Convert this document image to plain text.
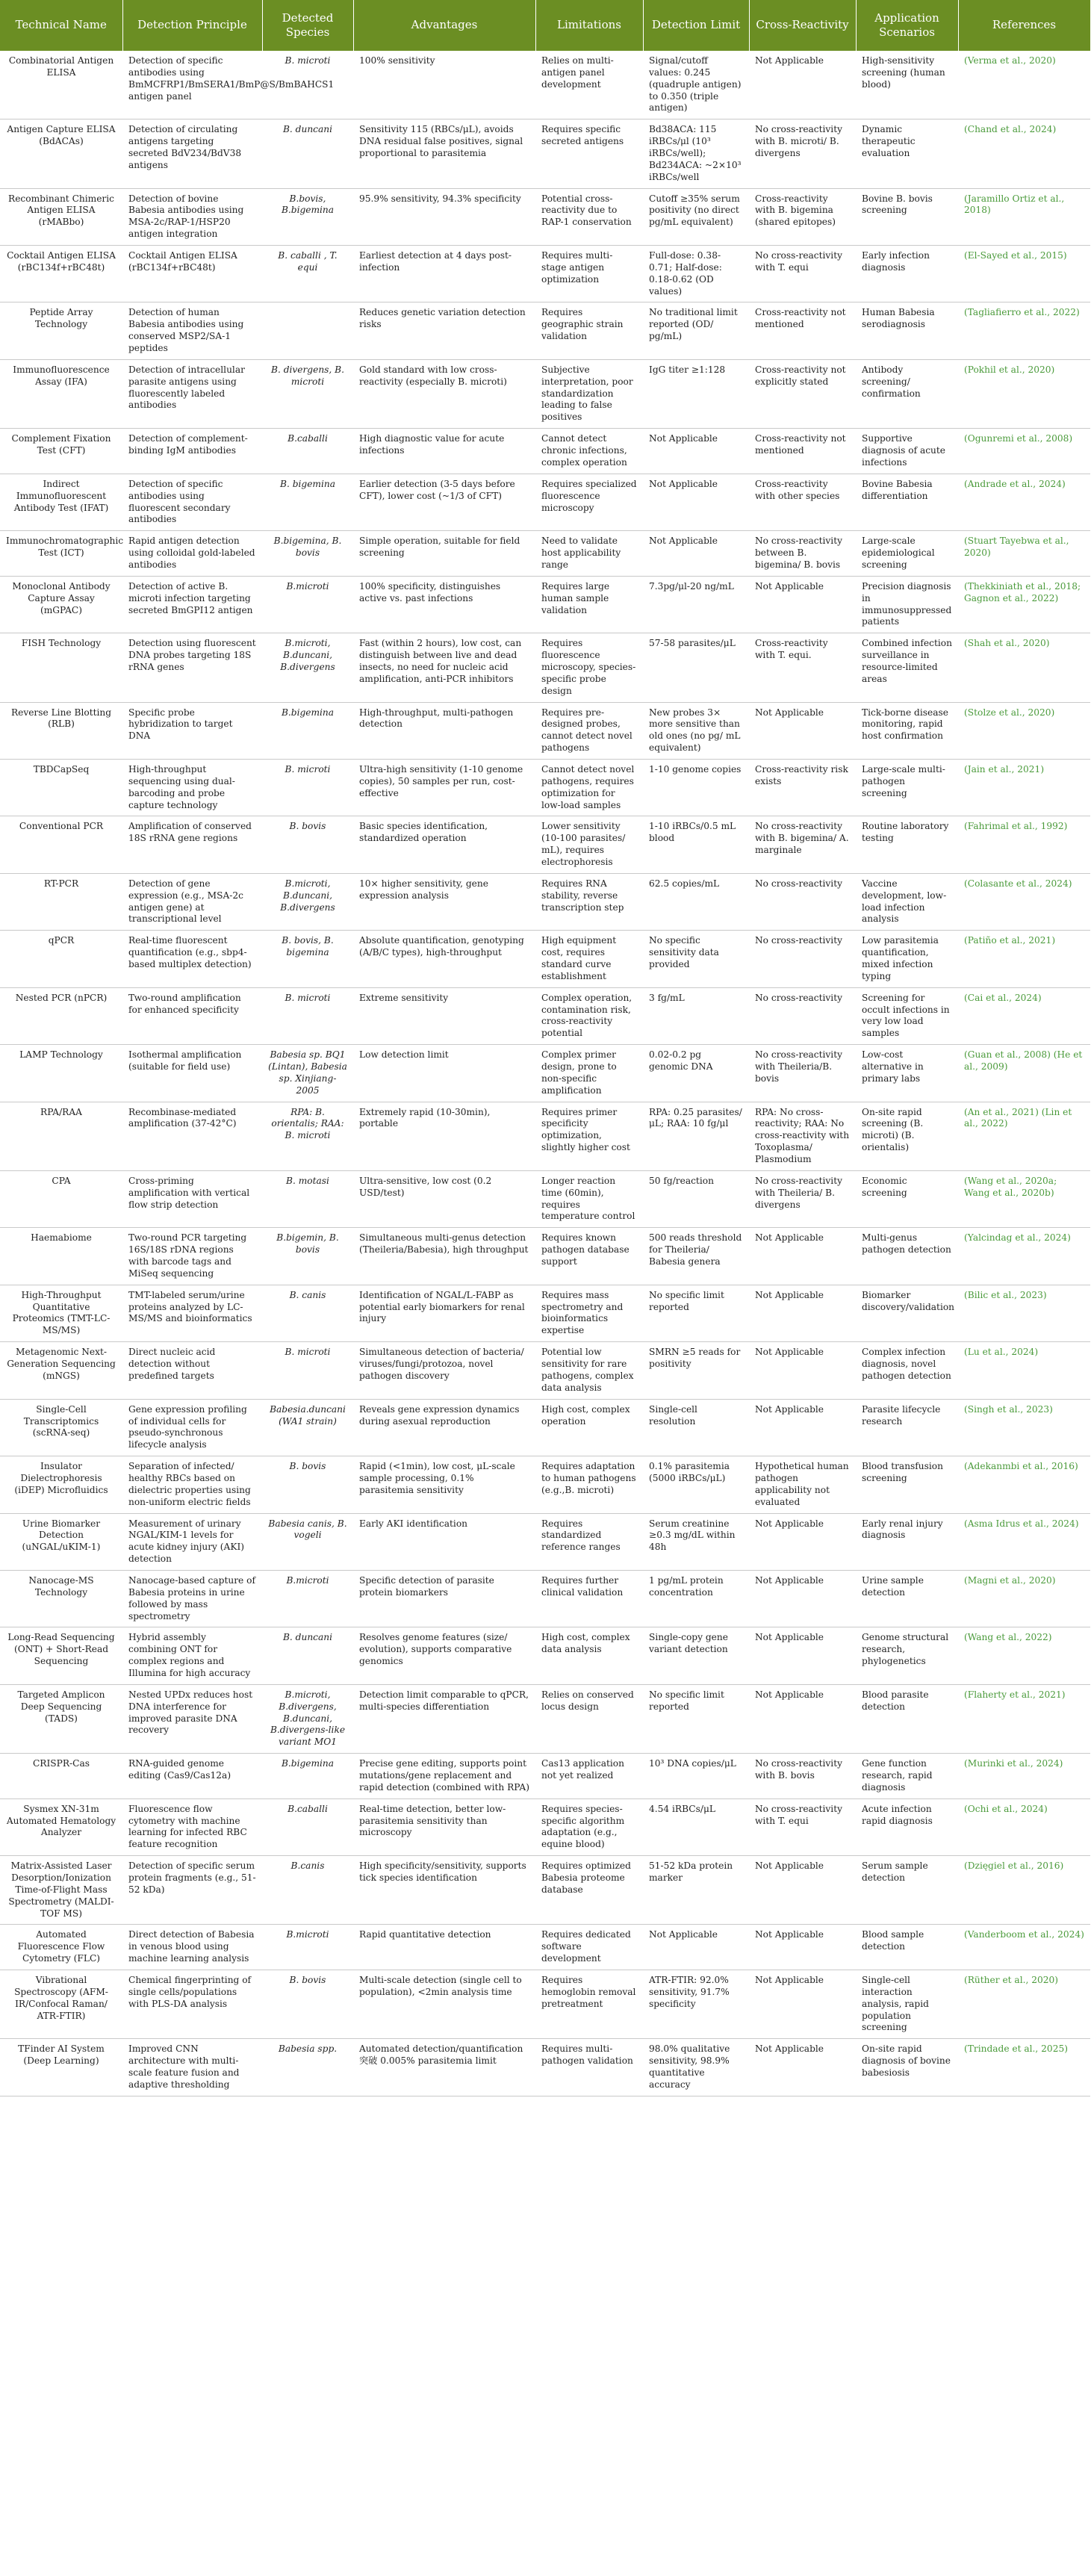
Technical Name	Detection Principle	Detected Species	Advantages	Limitations	Detection Limit	Cross-Reactivity	Application Scenarios	References
Combinatorial Antigen ELISA	Detection of specific antibodies using BmMCFRP1/BmSERA1/BmP@S/BmBAHCS1 antigen panel	B. microti	100% sensitivity	Relies on multi-antigen panel development	Signal/cutoff values: 0.245 (quadruple antigen) to 0.350 (triple antigen)	Not Applicable	High-sensitivity screening (human blood)	(Verma et al., 2020)
Antigen Capture ELISA (BdACAs)	Detection of circulating antigens targeting secreted BdV234/BdV38 antigens	B. duncani	Sensitivity 115 (RBCs/μL), avoids DNA residual false positives, signal proportional to parasitemia	Requires specific secreted antigens	Bd38ACA: 115 iRBCs/μl (10³ iRBCs/well); Bd234ACA: ~2×10³ iRBCs/well	No cross-reactivity with B. microti/ B. divergens	Dynamic therapeutic evaluation	(Chand et al., 2024)
Recombinant Chimeric Antigen ELISA (rMABbo)	Detection of bovine Babesia antibodies using MSA-2c/RAP-1/HSP20 antigen integration	B.bovis, B.bigemina	95.9% sensitivity, 94.3% specificity	Potential cross-reactivity due to RAP-1 conservation	Cutoff ≥35% serum positivity (no direct pg/mL equivalent)	Cross-reactivity with B. bigemina (shared epitopes)	Bovine B. bovis screening	(Jaramillo Ortiz et al., 2018)
Cocktail Antigen ELISA (rBC134f+rBC48t)	Cocktail Antigen ELISA (rBC134f+rBC48t)	B. caballi , T. equi	Earliest detection at 4 days post-infection	Requires multi-stage antigen optimization	Full-dose: 0.38-0.71; Half-dose: 0.18-0.62 (OD values)	No cross-reactivity with T. equi	Early infection diagnosis	(El-Sayed et al., 2015)
Peptide Array Technology	Detection of human Babesia antibodies using conserved MSP2/SA-1 peptides		Reduces genetic variation detection risks	Requires geographic strain validation	No traditional limit reported (OD/ pg/mL)	Cross-reactivity not mentioned	Human Babesia serodiagnosis	(Tagliafierro et al., 2022)
Immunofluorescence Assay (IFA)	Detection of intracellular parasite antigens using fluorescently labeled antibodies	B. divergens, B. microti	Gold standard with low cross-reactivity (especially B. microti)	Subjective interpretation, poor standardization leading to false positives	IgG titer ≥1:128	Cross-reactivity not explicitly stated	Antibody screening/ confirmation	(Pokhil et al., 2020)
Complement Fixation Test (CFT)	Detection of complement-binding IgM antibodies	B.caballi	High diagnostic value for acute infections	Cannot detect chronic infections, complex operation	Not Applicable	Cross-reactivity not mentioned	Supportive diagnosis of acute infections	(Ogunremi et al., 2008)
Indirect Immunofluorescent Antibody Test (IFAT)	Detection of specific antibodies using fluorescent secondary antibodies	B. bigemina	Earlier detection (3-5 days before CFT), lower cost (~1/3 of CFT)	Requires specialized fluorescence microscopy	Not Applicable	Cross-reactivity with other species	Bovine Babesia differentiation	(Andrade et al., 2024)
Immunochromatographic Test (ICT)	Rapid antigen detection using colloidal gold-labeled antibodies	B.bigemina, B. bovis	Simple operation, suitable for field screening	Need to validate host applicability range	Not Applicable	No cross-reactivity between B. bigemina/ B. bovis	Large-scale epidemiological screening	(Stuart Tayebwa et al., 2020)
Monoclonal Antibody Capture Assay (mGPAC)	Detection of active B. microti infection targeting secreted BmGPI12 antigen	B.microti	100% specificity, distinguishes active vs. past infections	Requires large human sample validation	7.3pg/μl-20 ng/mL	Not Applicable	Precision diagnosis in immunosuppressed patients	(Thekkiniath et al., 2018; Gagnon et al., 2022)
FISH Technology	Detection using fluorescent DNA probes targeting 18S rRNA genes	B.microti, B.duncani, B.divergens	Fast (within 2 hours), low cost, can distinguish between live and dead insects, no need for nucleic acid amplification, anti-PCR inhibitors	Requires fluorescence microscopy, species-specific probe design	57-58 parasites/μL	Cross-reactivity with T. equi.	Combined infection surveillance in resource-limited areas	(Shah et al., 2020)
Reverse Line Blotting (RLB)	Specific probe hybridization to target DNA	B.bigemina	High-throughput, multi-pathogen detection	Requires pre-designed probes, cannot detect novel pathogens	New probes 3× more sensitive than old ones (no pg/ mL equivalent)	Not Applicable	Tick-borne disease monitoring, rapid host confirmation	(Stolze et al., 2020)
TBDCapSeq	High-throughput sequencing using dual-barcoding and probe capture technology	B. microti	Ultra-high sensitivity (1-10 genome copies), 50 samples per run, cost-effective	Cannot detect novel pathogens, requires optimization for low-load samples	1-10 genome copies	Cross-reactivity risk exists	Large-scale multi-pathogen screening	(Jain et al., 2021)
Conventional PCR	Amplification of conserved 18S rRNA gene regions	B. bovis	Basic species identification, standardized operation	Lower sensitivity (10-100 parasites/ mL), requires electrophoresis	1-10 iRBCs/0.5 mL blood	No cross-reactivity with B. bigemina/ A. marginale	Routine laboratory testing	(Fahrimal et al., 1992)
RT-PCR	Detection of gene expression (e.g., MSA-2c antigen gene) at transcriptional level	B.microti, B.duncani, B.divergens	10× higher sensitivity, gene expression analysis	Requires RNA stability, reverse transcription step	62.5 copies/mL	No cross-reactivity	Vaccine development, low-load infection analysis	(Colasante et al., 2024)
qPCR	Real-time fluorescent quantification (e.g., sbp4-based multiplex detection)	B. bovis, B. bigemina	Absolute quantification, genotyping (A/B/C types), high-throughput	High equipment cost, requires standard curve establishment	No specific sensitivity data provided	No cross-reactivity	Low parasitemia quantification, mixed infection typing	(Patiño et al., 2021)
Nested PCR (nPCR)	Two-round amplification for enhanced specificity	B. microti	Extreme sensitivity	Complex operation, contamination risk, cross-reactivity potential	3 fg/mL	No cross-reactivity	Screening for occult infections in very low load samples	(Cai et al., 2024)
LAMP Technology	Isothermal amplification (suitable for field use)	Babesia sp. BQ1 (Lintan), Babesia sp. Xinjiang-2005	Low detection limit	Complex primer design, prone to non-specific amplification	0.02-0.2 pg genomic DNA	No cross-reactivity with Theileria/B. bovis	Low-cost alternative in primary labs	(Guan et al., 2008) (He et al., 2009)
RPA/RAA	Recombinase-mediated amplification (37-42°C)	RPA: B. orientalis; RAA: B. microti	Extremely rapid (10-30min), portable	Requires primer specificity optimization, slightly higher cost	RPA: 0.25 parasites/ μL; RAA: 10 fg/μl	RPA: No cross-reactivity; RAA: No cross-reactivity with Toxoplasma/ Plasmodium	On-site rapid screening (B. microti) (B. orientalis)	(An et al., 2021) (Lin et al., 2022)
CPA	Cross-priming amplification with vertical flow strip detection	B. motasi	Ultra-sensitive, low cost (0.2 USD/test)	Longer reaction time (60min), requires temperature control	50 fg/reaction	No cross-reactivity with Theileria/ B. divergens	Economic screening	(Wang et al., 2020a; Wang et al., 2020b)
Haemabiome	Two-round PCR targeting 16S/18S rDNA regions with barcode tags and MiSeq sequencing	B.bigemin, B. bovis	Simultaneous multi-genus detection (Theileria/Babesia), high throughput	Requires known pathogen database support	500 reads threshold for Theileria/ Babesia genera	Not Applicable	Multi-genus pathogen detection	(Yalcindag et al., 2024)
High-Throughput Quantitative Proteomics (TMT-LC-MS/MS)	TMT-labeled serum/urine proteins analyzed by LC-MS/MS and bioinformatics	B. canis	Identification of NGAL/L-FABP as potential early biomarkers for renal injury	Requires mass spectrometry and bioinformatics expertise	No specific limit reported	Not Applicable	Biomarker discovery/validation	(Bilic et al., 2023)
Metagenomic Next-Generation Sequencing (mNGS)	Direct nucleic acid detection without predefined targets	B. microti	Simultaneous detection of bacteria/ viruses/fungi/protozoa, novel pathogen discovery	Potential low sensitivity for rare pathogens, complex data analysis	SMRN ≥5 reads for positivity	Not Applicable	Complex infection diagnosis, novel pathogen detection	(Lu et al., 2024)
Single-Cell Transcriptomics (scRNA-seq)	Gene expression profiling of individual cells for pseudo-synchronous lifecycle analysis	Babesia.duncani (WA1 strain)	Reveals gene expression dynamics during asexual reproduction	High cost, complex operation	Single-cell resolution	Not Applicable	Parasite lifecycle research	(Singh et al., 2023)
Insulator Dielectrophoresis (iDEP) Microfluidics	Separation of infected/ healthy RBCs based on dielectric properties using non-uniform electric fields	B. bovis	Rapid (<1min), low cost, μL-scale sample processing, 0.1% parasitemia sensitivity	Requires adaptation to human pathogens (e.g.,B. microti)	0.1% parasitemia (5000 iRBCs/μL)	Hypothetical human pathogen applicability not evaluated	Blood transfusion screening	(Adekanmbi et al., 2016)
Urine Biomarker Detection (uNGAL/uKIM-1)	Measurement of urinary NGAL/KIM-1 levels for acute kidney injury (AKI) detection	Babesia canis, B. vogeli	Early AKI identification	Requires standardized reference ranges	Serum creatinine ≥0.3 mg/dL within 48h	Not Applicable	Early renal injury diagnosis	(Asma Idrus et al., 2024)
Nanocage-MS Technology	Nanocage-based capture of Babesia proteins in urine followed by mass spectrometry	B.microti	Specific detection of parasite protein biomarkers	Requires further clinical validation	1 pg/mL protein concentration	Not Applicable	Urine sample detection	(Magni et al., 2020)
Long-Read Sequencing (ONT) + Short-Read Sequencing	Hybrid assembly combining ONT for complex regions and Illumina for high accuracy	B. duncani	Resolves genome features (size/ evolution), supports comparative genomics	High cost, complex data analysis	Single-copy gene variant detection	Not Applicable	Genome structural research, phylogenetics	(Wang et al., 2022)
Targeted Amplicon Deep Sequencing (TADS)	Nested UPDx reduces host DNA interference for improved parasite DNA recovery	B.microti, B.divergens, B.duncani, B.divergens-like variant MO1	Detection limit comparable to qPCR, multi-species differentiation	Relies on conserved locus design	No specific limit reported	Not Applicable	Blood parasite detection	(Flaherty et al., 2021)
CRISPR-Cas	RNA-guided genome editing (Cas9/Cas12a)	B.bigemina	Precise gene editing, supports point mutations/gene replacement and rapid detection (combined with RPA)	Cas13 application not yet realized	10³ DNA copies/μL	No cross-reactivity with B. bovis	Gene function research, rapid diagnosis	(Murinki et al., 2024)
Sysmex XN-31m Automated Hematology Analyzer	Fluorescence flow cytometry with machine learning for infected RBC feature recognition	B.caballi	Real-time detection, better low-parasitemia sensitivity than microscopy	Requires species-specific algorithm adaptation (e.g., equine blood)	4.54 iRBCs/μL	No cross-reactivity with T. equi	Acute infection rapid diagnosis	(Ochi et al., 2024)
Matrix-Assisted Laser Desorption/Ionization Time-of-Flight Mass Spectrometry (MALDI-TOF MS)	Detection of specific serum protein fragments (e.g., 51-52 kDa)	B.canis	High specificity/sensitivity, supports tick species identification	Requires optimized Babesia proteome database	51-52 kDa protein marker	Not Applicable	Serum sample detection	(Dzięgiel et al., 2016)
Automated Fluorescence Flow Cytometry (FLC)	Direct detection of Babesia in venous blood using machine learning analysis	B.microti	Rapid quantitative detection	Requires dedicated software development	Not Applicable	Not Applicable	Blood sample detection	(Vanderboom et al., 2024)
Vibrational Spectroscopy (AFM-IR/Confocal Raman/ ATR-FTIR)	Chemical fingerprinting of single cells/populations with PLS-DA analysis	B. bovis	Multi-scale detection (single cell to population), <2min analysis time	Requires hemoglobin removal pretreatment	ATR-FTIR: 92.0% sensitivity, 91.7% specificity	Not Applicable	Single-cell interaction analysis, rapid population screening	(Rüther et al., 2020)
TFinder AI System (Deep Learning)	Improved CNN architecture with multi-scale feature fusion and adaptive thresholding	Babesia spp.	Automated detection/quantification 突破 0.005% parasitemia limit	Requires multi-pathogen validation	98.0% qualitative sensitivity, 98.9% quantitative accuracy	Not Applicable	On-site rapid diagnosis of bovine babesiosis	(Trindade et al., 2025)
